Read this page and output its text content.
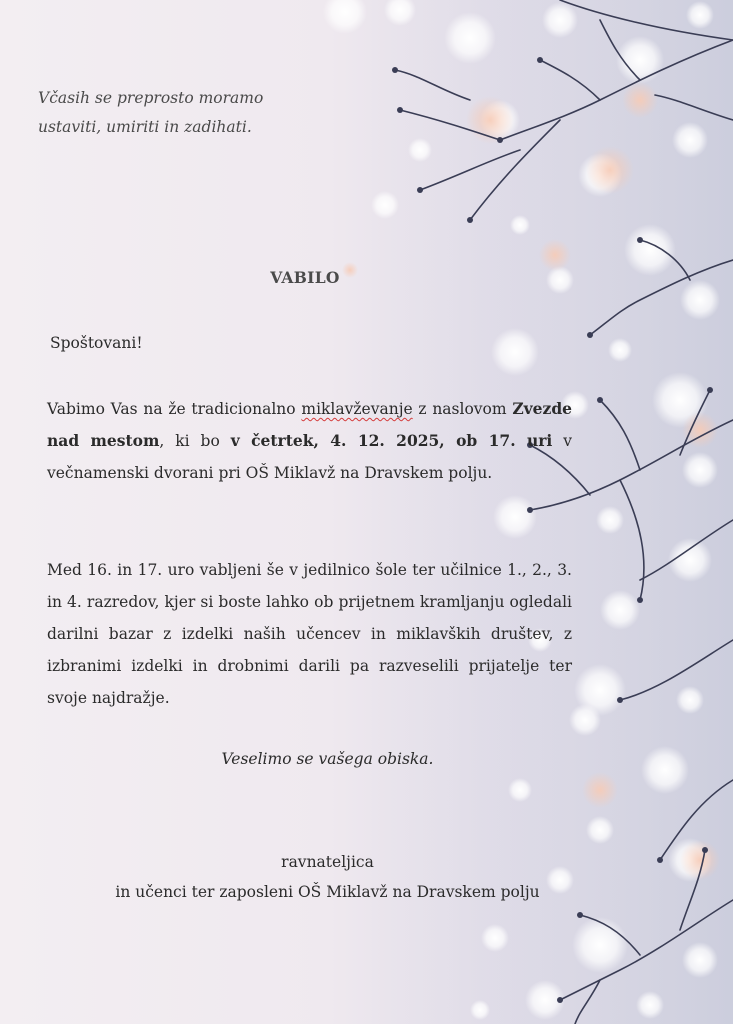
Včasih se preprosto moramo
ustaviti, umiriti in zadihati.
VABILO
Spoštovani!
Vabimo Vas na že tradicionalno miklavževanje z naslovom Zvezde nad mestom, ki bo v četrtek, 4. 12. 2025, ob 17. uri v večnamenski dvorani pri OŠ Miklavž na Dravskem polju.
Med 16. in 17. uro vabljeni še v jedilnico šole ter učilnice 1., 2., 3. in 4. razredov, kjer si boste lahko ob prijetnem kramljanju ogledali darilni bazar z izdelki naših učencev in miklavških društev, z izbranimi izdelki in drobnimi darili pa razveselili prijatelje ter svoje najdražje.
Veselimo se vašega obiska.
ravnateljica
in učenci ter zaposleni OŠ Miklavž na Dravskem polju
